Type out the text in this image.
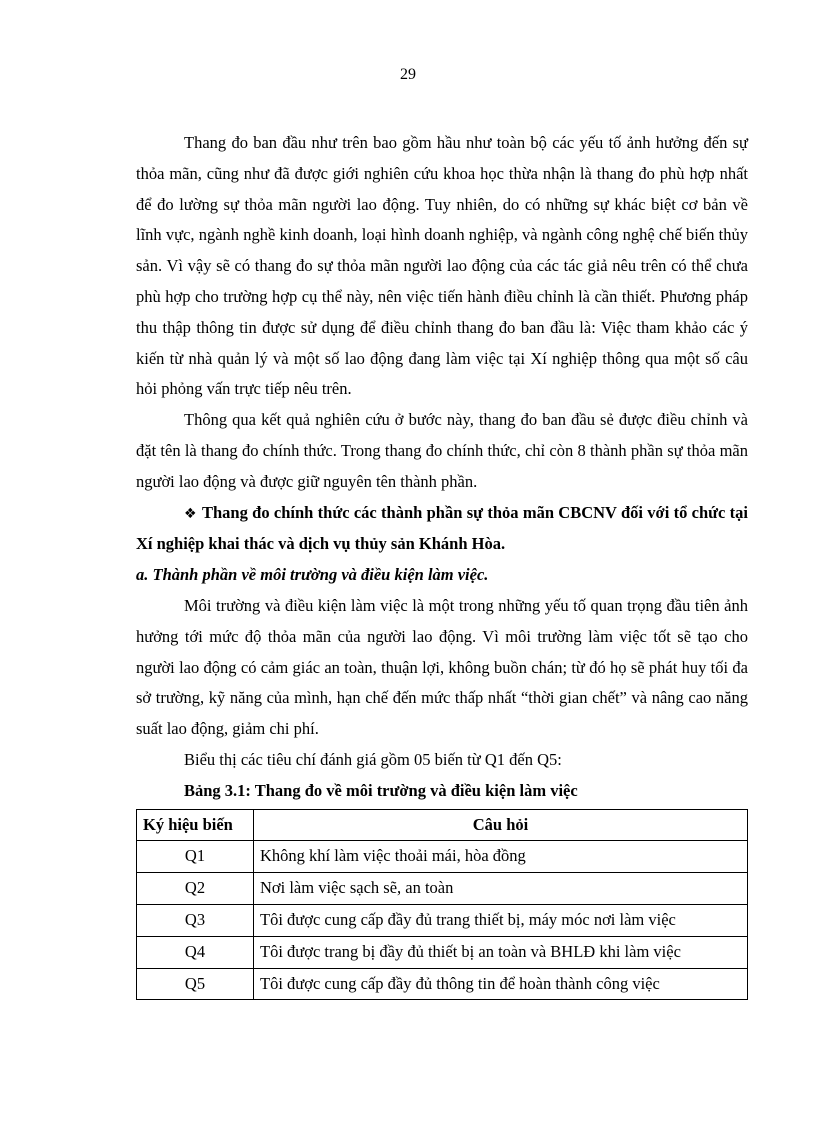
29

Thang đo ban đầu như trên bao gồm hầu như toàn bộ các yếu tố ảnh hưởng đến sự thỏa mãn, cũng như đã được giới nghiên cứu khoa học thừa nhận là thang đo phù hợp nhất để đo lường sự thỏa mãn người lao động. Tuy nhiên, do có những sự khác biệt cơ bản về lĩnh vực, ngành nghề kinh doanh, loại hình doanh nghiệp, và ngành công nghệ chế biến thủy sản. Vì vậy sẽ có thang đo sự thỏa mãn người lao động của các tác giả nêu trên có thể chưa phù hợp cho trường hợp cụ thể này, nên việc tiến hành điều chỉnh là cần thiết. Phương pháp thu thập thông tin được sử dụng để điều chỉnh thang đo ban đầu là: Việc tham khảo các ý kiến từ nhà quản lý và một số lao động đang làm việc tại Xí nghiệp thông qua một số câu hỏi phỏng vấn trực tiếp nêu trên.

Thông qua kết quả nghiên cứu ở bước này, thang đo ban đầu sẻ được điều chỉnh và đặt tên là thang đo chính thức. Trong thang đo chính thức, chỉ còn 8 thành phần sự thỏa mãn người lao động và được giữ nguyên tên thành phần.

❖ Thang đo chính thức các thành phần sự thỏa mãn CBCNV đối với tổ chức tại Xí nghiệp khai thác và dịch vụ thủy sản Khánh Hòa.

a. Thành phần về môi trường và điều kiện làm việc.

Môi trường và điều kiện làm việc là một trong những yếu tố quan trọng đầu tiên ảnh hưởng tới mức độ thỏa mãn của người lao động. Vì môi trường làm việc tốt sẽ tạo cho người lao động có cảm giác an toàn, thuận lợi, không buồn chán; từ đó họ sẽ phát huy tối đa sở trường, kỹ năng của mình, hạn chế đến mức thấp nhất “thời gian chết” và nâng cao năng suất lao động, giảm chi phí.

Biểu thị các tiêu chí đánh giá gồm 05 biến từ Q1 đến Q5:

Bảng 3.1: Thang đo về môi trường và điều kiện làm việc

Ký hiệu biến	Câu hỏi
Q1	Không khí làm việc thoải mái, hòa đồng
Q2	Nơi làm việc sạch sẽ, an toàn
Q3	Tôi được cung cấp đầy đủ trang thiết bị, máy móc nơi làm việc
Q4	Tôi được trang bị đầy đủ thiết bị an toàn và BHLĐ khi làm việc
Q5	Tôi được cung cấp đầy đủ thông tin để hoàn thành công việc
